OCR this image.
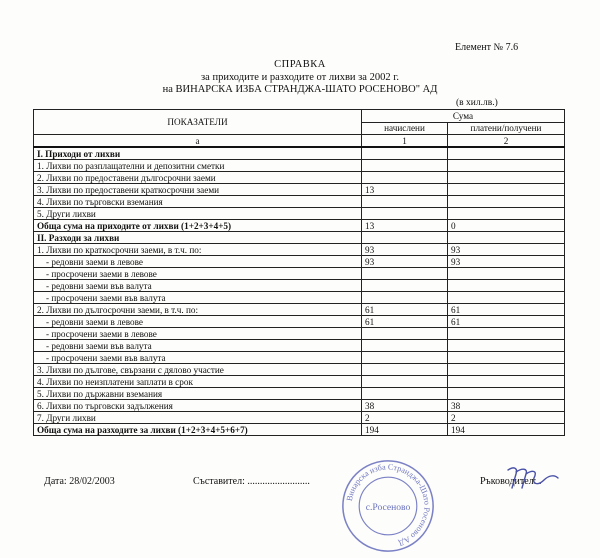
Елемент № 7.6
СПРАВКА
за приходите и разходите от лихви за 2002 г.
на ВИНАРСКА ИЗБА СТРАНДЖА-ШАТО РОСЕНОВО" АД
(в хил.лв.)
ПОКАЗАТЕЛИ	Сума	
	начислени	платени/получени
а	1	2
I. Приходи от лихви		
1. Лихви по разплащателни и депозитни сметки		
2. Лихви по предоставени дългосрочни заеми		
3. Лихви по предоставени краткосрочни заеми	13	
4. Лихви по търговски вземания		
5. Други лихви		
Обща сума на приходите от лихви (1+2+3+4+5)	13	0
II. Разходи за лихви		
1. Лихви по краткосрочни заеми, в т.ч. по:	93	93
- редовни заеми в левове	93	93
- просрочени заеми в левове		
- редовни заеми във валута		
- просрочени заеми във валута		
2. Лихви по дългосрочни заеми, в т.ч. по:	61	61
- редовни заеми в левове	61	61
- просрочени заеми в левове		
- редовни заеми във валута		
- просрочени заеми във валута		
3. Лихви по дългове, свързани с дялово участие		
4. Лихви по неизплатени заплати в срок		
5. Лихви по държавни вземания		
6. Лихви по търговски задължения	38	38
7. Други лихви	2	2
Обща сума на разходите за лихви (1+2+3+4+5+6+7)	194	194
Дата: 28/02/2003	Съставител: .........................	Ръководител: .
Винарска изба Странджа-Шато Росеново АД
с.Росеново
